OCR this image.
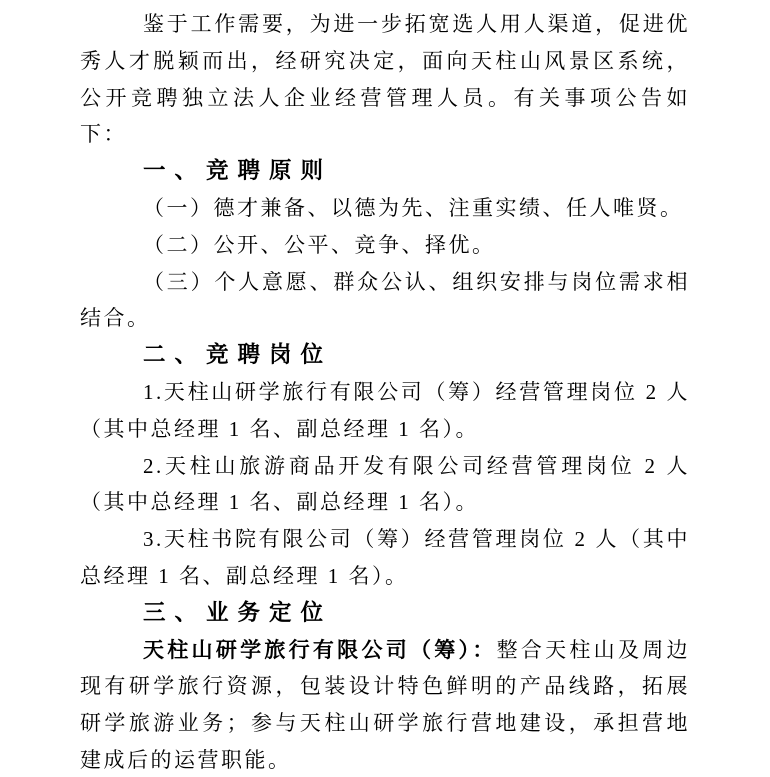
鉴于工作需要，为进一步拓宽选人用人渠道，促进优秀人才脱颖而出，经研究决定，面向天柱山风景区系统，公开竞聘独立法人企业经营管理人员。有关事项公告如下：

一、竞聘原则

（一）德才兼备、以德为先、注重实绩、任人唯贤。

（二）公开、公平、竞争、择优。

（三）个人意愿、群众公认、组织安排与岗位需求相结合。

二、竞聘岗位

1.天柱山研学旅行有限公司（筹）经营管理岗位 2 人（其中总经理 1 名、副总经理 1 名）。

2.天柱山旅游商品开发有限公司经营管理岗位 2 人（其中总经理 1 名、副总经理 1 名）。

3.天柱书院有限公司（筹）经营管理岗位 2 人（其中总经理 1 名、副总经理 1 名）。

三、业务定位

天柱山研学旅行有限公司（筹）：整合天柱山及周边现有研学旅行资源，包装设计特色鲜明的产品线路，拓展研学旅游业务；参与天柱山研学旅行营地建设，承担营地建成后的运营职能。
